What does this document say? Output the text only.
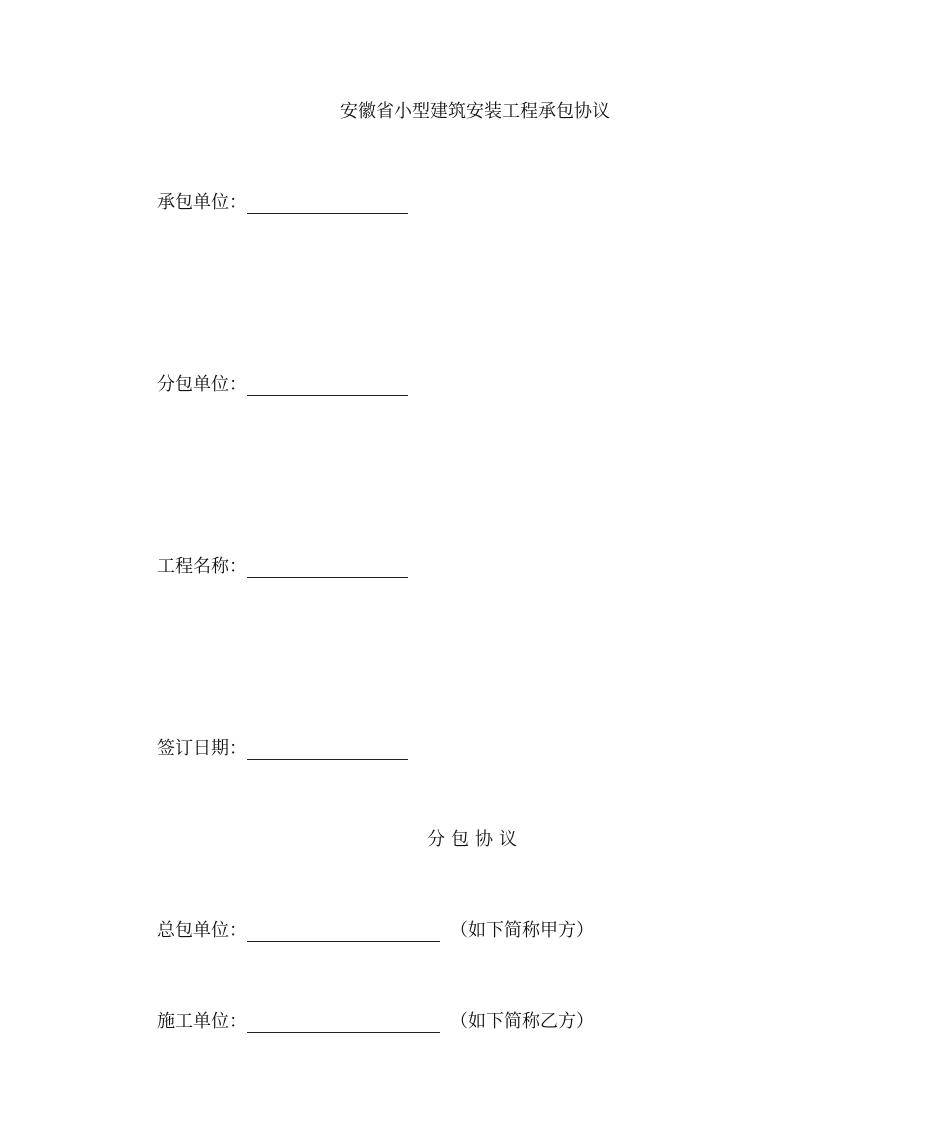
安徽省小型建筑安装工程承包协议
承包单位：
分包单位：
工程名称：
签订日期：
分包协议
总包单位：	（如下简称甲方）
施工单位：	（如下简称乙方）
